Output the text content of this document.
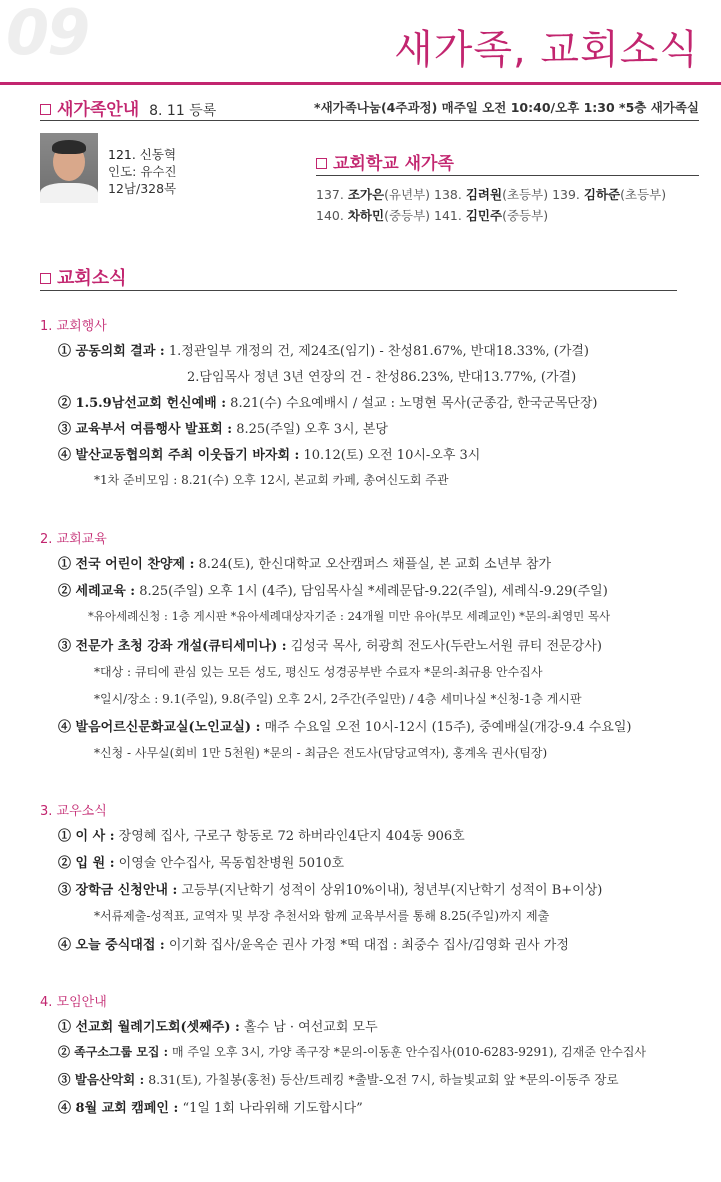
09	새가족, 교회소식
새가족안내 8. 11 등록	*새가족나눔(4주과정) 매주일 오전 10:40/오후 1:30 *5층 새가족실
121. 신동혁
인도: 유수진
12남/328목
교회학교 새가족
137. 조가은(유년부) 138. 김려원(초등부) 139. 김하준(초등부)
140. 차하민(중등부) 141. 김민주(중등부)
교회소식
1. 교회행사
① 공동의회 결과 : 1.정관일부 개정의 건, 제24조(임기) - 찬성81.67%, 반대18.33%, (가결)
2.담임목사 정년 3년 연장의 건 - 찬성86.23%, 반대13.77%, (가결)
② 1.5.9남선교회 헌신예배 : 8.21(수) 수요예배시 / 설교 : 노명현 목사(군종감, 한국군목단장)
③ 교육부서 여름행사 발표회 : 8.25(주일) 오후 3시, 본당
④ 발산교동협의회 주최 이웃돕기 바자회 : 10.12(토) 오전 10시-오후 3시
*1차 준비모임 : 8.21(수) 오후 12시, 본교회 카페, 총여신도회 주관
2. 교회교육
① 전국 어린이 찬양제 : 8.24(토), 한신대학교 오산캠퍼스 채플실, 본 교회 소년부 참가
② 세례교육 : 8.25(주일) 오후 1시 (4주), 담임목사실 *세례문답-9.22(주일), 세례식-9.29(주일)
*유아세례신청 : 1층 게시판 *유아세례대상자기준 : 24개월 미만 유아(부모 세례교인) *문의-최영민 목사
③ 전문가 초청 강좌 개설(큐티세미나) : 김성국 목사, 허광희 전도사(두란노서원 큐티 전문강사)
*대상 : 큐티에 관심 있는 모든 성도, 평신도 성경공부반 수료자 *문의-최규용 안수집사
*일시/장소 : 9.1(주일), 9.8(주일) 오후 2시, 2주간(주일만) / 4층 세미나실 *신청-1층 게시판
④ 발음어르신문화교실(노인교실) : 매주 수요일 오전 10시-12시 (15주), 중예배실(개강-9.4 수요일)
*신청 - 사무실(회비 1만 5천원) *문의 - 최금은 전도사(담당교역자), 홍계옥 권사(팀장)
3. 교우소식
① 이 사 : 장영혜 집사, 구로구 항동로 72 하버라인4단지 404동 906호
② 입 원 : 이영술 안수집사, 목동힘찬병원 5010호
③ 장학금 신청안내 : 고등부(지난학기 성적이 상위10%이내), 청년부(지난학기 성적이 B+이상)
*서류제출-성적표, 교역자 및 부장 추천서와 함께 교육부서를 통해 8.25(주일)까지 제출
④ 오늘 중식대접 : 이기화 집사/윤옥순 권사 가정 *떡 대접 : 최중수 집사/김영화 권사 가정
4. 모임안내
① 선교회 월례기도회(셋째주) : 홀수 남 · 여선교회 모두
② 족구소그룹 모집 : 매 주일 오후 3시, 가양 족구장 *문의-이동훈 안수집사(010-6283-9291), 김재준 안수집사
③ 발음산악회 : 8.31(토), 가칠봉(홍천) 등산/트레킹 *출발-오전 7시, 하늘빛교회 앞 *문의-이동주 장로
④ 8월 교회 캠페인 : “1일 1회 나라위해 기도합시다”
